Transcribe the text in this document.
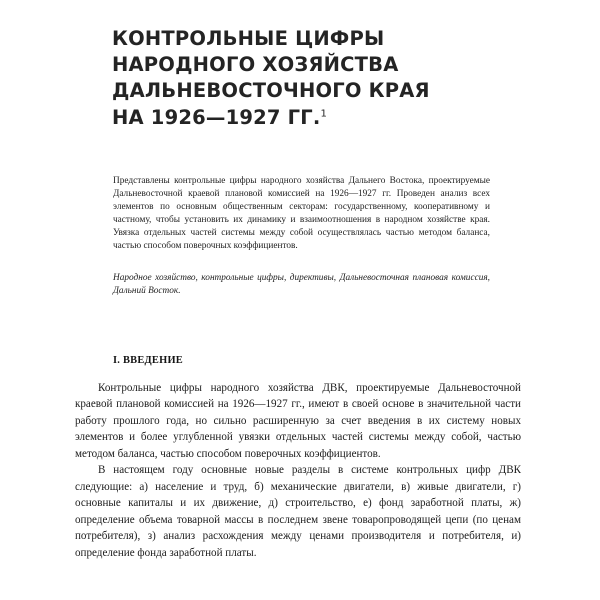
КОНТРОЛЬНЫЕ ЦИФРЫ
НАРОДНОГО ХОЗЯЙСТВА
ДАЛЬНЕВОСТОЧНОГО КРАЯ
НА 1926—1927 ГГ.$^1$

Представлены контрольные цифры народного хозяйства Дальнего Востока, проектируемые Дальневосточной краевой плановой комиссией на 1926—1927 гг. Проведен анализ всех элементов по основным общественным секторам: государственному, кооперативному и частному, чтобы установить их динамику и взаимоотношения в народном хозяйстве края. Увязка отдельных частей системы между собой осуществлялась частью методом баланса, частью способом поверочных коэффициентов.

Народное хозяйство, контрольные цифры, директивы, Дальневосточная плановая комиссия, Дальний Восток.

I. ВВЕДЕНИЕ

Контрольные цифры народного хозяйства ДВК, проектируемые Дальневосточной краевой плановой комиссией на 1926—1927 гг., имеют в своей основе в значительной части работу прошлого года, но сильно расширенную за счет введения в их систему новых элементов и более углубленной увязки отдельных частей системы между собой, частью методом баланса, частью способом поверочных коэффициентов.

В настоящем году основные новые разделы в системе контрольных цифр ДВК следующие: а) население и труд, б) механические двигатели, в) живые двигатели, г) основные капиталы и их движение, д) строительство, е) фонд заработной платы, ж) определение объема товарной массы в последнем звене товаропроводящей цепи (по ценам потребителя), з) анализ расхождения между ценами производителя и потребителя, и) определение фонда заработной платы.
